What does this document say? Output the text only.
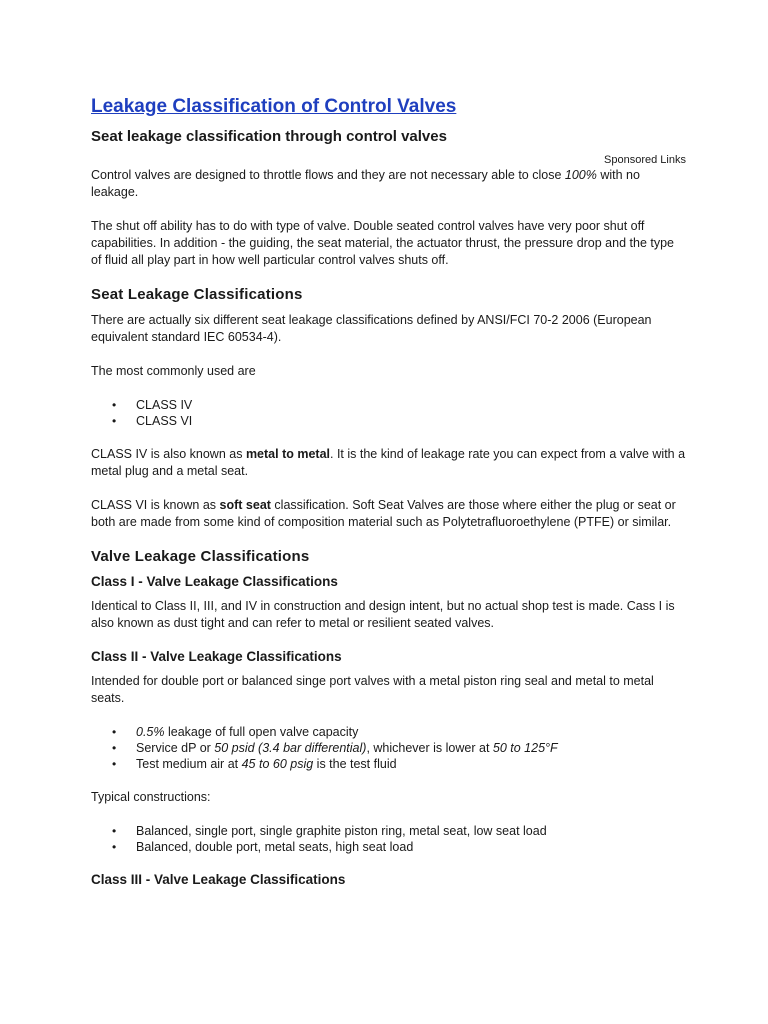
Leakage Classification of Control Valves
Seat leakage classification through control valves
Sponsored Links

Control valves are designed to throttle flows and they are not necessary able to close 100% with no leakage.

The shut off ability has to do with type of valve. Double seated control valves have very poor shut off capabilities. In addition - the guiding, the seat material, the actuator thrust, the pressure drop and the type of fluid all play part in how well particular control valves shuts off.

Seat Leakage Classifications

There are actually six different seat leakage classifications defined by ANSI/FCI 70-2 2006 (European equivalent standard IEC 60534-4).

The most commonly used are

• CLASS IV
• CLASS VI

CLASS IV is also known as metal to metal. It is the kind of leakage rate you can expect from a valve with a metal plug and a metal seat.

CLASS VI is known as soft seat classification. Soft Seat Valves are those where either the plug or seat or both are made from some kind of composition material such as Polytetrafluoroethylene (PTFE) or similar.

Valve Leakage Classifications
Class I - Valve Leakage Classifications

Identical to Class II, III, and IV in construction and design intent, but no actual shop test is made. Cass I is also known as dust tight and can refer to metal or resilient seated valves.

Class II - Valve Leakage Classifications

Intended for double port or balanced singe port valves with a metal piston ring seal and metal to metal seats.

• 0.5% leakage of full open valve capacity
• Service dP or 50 psid (3.4 bar differential), whichever is lower at 50 to 125°F
• Test medium air at 45 to 60 psig is the test fluid

Typical constructions:

• Balanced, single port, single graphite piston ring, metal seat, low seat load
• Balanced, double port, metal seats, high seat load
Class III - Valve Leakage Classifications
